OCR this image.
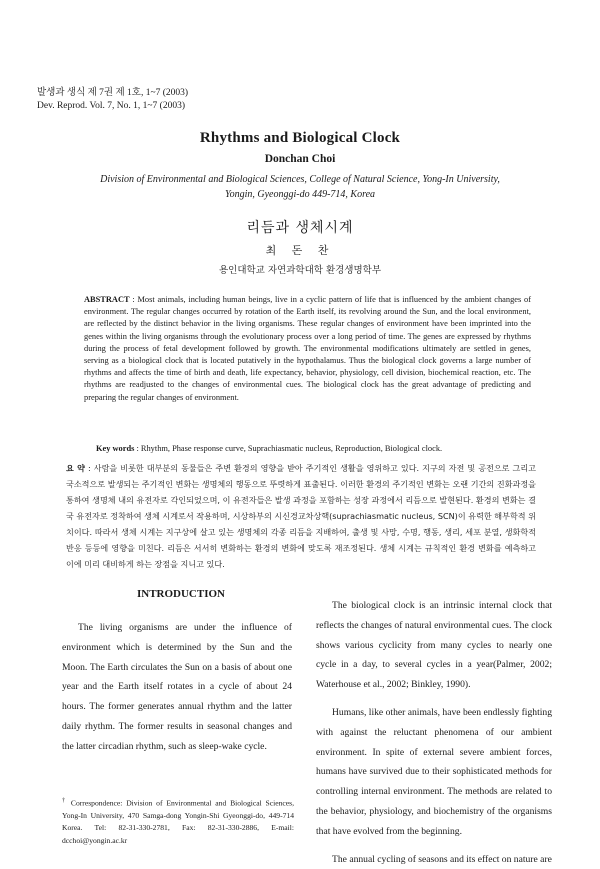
발생과 생식 제 7권 제 1호, 1~7 (2003)
Dev. Reprod. Vol. 7, No. 1, 1~7 (2003)
Rhythms and Biological Clock
Donchan Choi
Division of Environmental and Biological Sciences, College of Natural Science, Yong-In University,
Yongin, Gyeonggi-do 449-714, Korea
리듬과 생체시계
최 돈 찬
용인대학교 자연과학대학 환경생명학부
ABSTRACT : Most animals, including human beings, live in a cyclic pattern of life that is influenced by the ambient changes of environment. The regular changes occurred by rotation of the Earth itself, its revolving around the Sun, and the local environment, are reflected by the distinct behavior in the living organisms. These regular changes of environment have been imprinted into the genes within the living organisms through the evolutionary process over a long period of time. The genes are expressed by rhythms during the process of fetal development followed by growth. The environmental modifications ultimately are settled in genes, serving as a biological clock that is located putatively in the hypothalamus. Thus the biological clock governs a large number of rhythms and affects the time of birth and death, life expectancy, behavior, physiology, cell division, biochemical reaction, etc. The rhythms are readjusted to the changes of environmental cues. The biological clock has the great advantage of predicting and preparing the regular changes of environment.
Key words : Rhythm, Phase response curve, Suprachiasmatic nucleus, Reproduction, Biological clock.
요 약 : 사람을 비롯한 대부분의 동물들은 주변 환경의 영향을 받아 주기적인 생활을 영위하고 있다. 지구의 자전 및 공전으로 그리고 국소적으로 발생되는 주기적인 변화는 생명체의 행동으로 뚜렷하게 표출된다. 이러한 환경의 주기적인 변화는 오랜 기간의 진화과정을 통하여 생명체 내의 유전자로 각인되었으며, 이 유전자들은 발생 과정을 포함하는 성장 과정에서 리듬으로 발현된다. 환경의 변화는 결국 유전자로 정착하여 생체 시계로서 작용하며, 시상하부의 시신경교차상핵(suprachiasmatic nucleus, SCN)이 유력한 해부학적 위치이다. 따라서 생체 시계는 지구상에 살고 있는 생명체의 각종 리듬을 지배하여, 출생 및 사망, 수명, 행동, 생리, 세포 분열, 생화학적 반응 등등에 영향을 미친다. 리듬은 서서히 변화하는 환경의 변화에 맞도록 재조정된다. 생체 시계는 규칙적인 환경 변화를 예측하고 이에 미리 대비하게 하는 장점을 지니고 있다.
INTRODUCTION

The living organisms are under the influence of environment which is determined by the Sun and the Moon. The Earth circulates the Sun on a basis of about one year and the Earth itself rotates in a cycle of about 24 hours. The former generates annual rhythm and the latter daily rhythm. The former results in seasonal changes and the latter circadian rhythm, such as sleep-wake cycle.

The biological clock is an intrinsic internal clock that reflects the changes of natural environmental cues. The clock shows various cyclicity from many cycles to nearly one cycle in a day, to several cycles in a year(Palmer, 2002; Waterhouse et al., 2002; Binkley, 1990).

Humans, like other animals, have been endlessly fighting with against the reluctant phenomena of our ambient environment. In spite of external severe ambient forces, humans have survived due to their sophisticated methods for controlling internal environment. The methods are related to the behavior, physiology, and biochemistry of the organisms that have evolved from the beginning.

The annual cycling of seasons and its effect on nature are

† Correspondence: Division of Environmental and Biological Sciences, Yong-In University, 470 Samga-dong Yongin-Shi Gyeonggi-do, 449-714 Korea. Tel: 82-31-330-2781, Fax: 82-31-330-2886, E-mail: dcchoi@yongin.ac.kr
